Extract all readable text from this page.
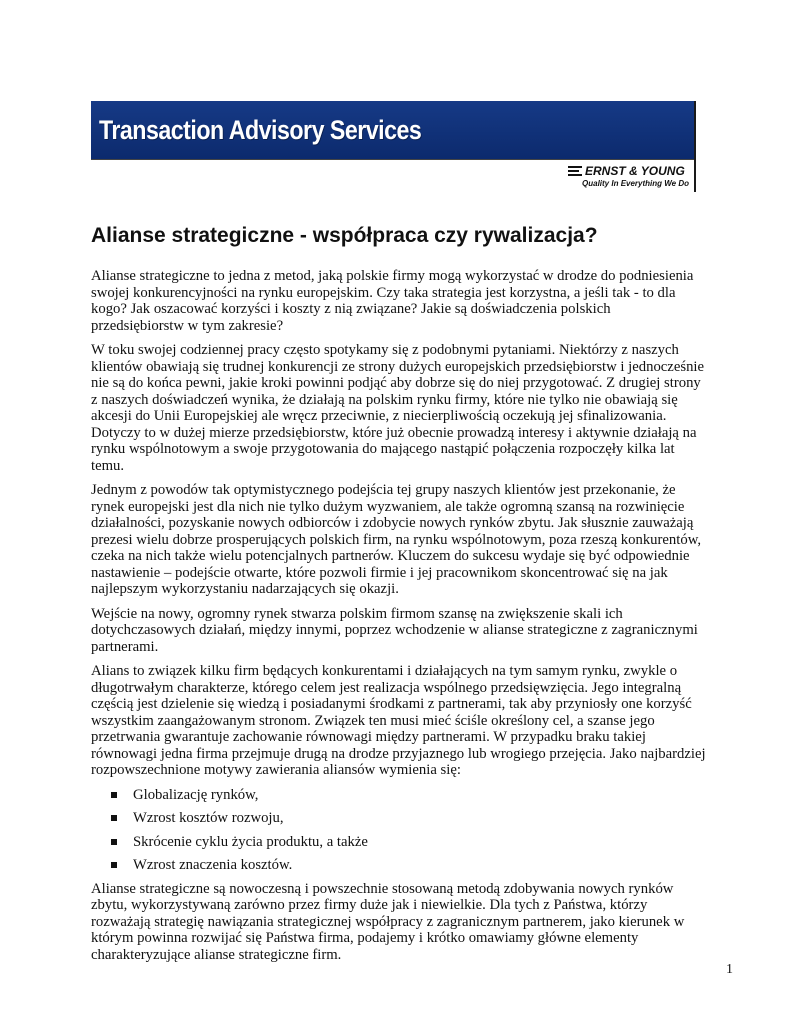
Transaction Advisory Services
ERNST & YOUNG
Quality In Everything We Do
Alianse strategiczne - współpraca czy rywalizacja?

Alianse strategiczne to jedna z metod, jaką polskie firmy mogą wykorzystać w drodze do podniesienia swojej konkurencyjności na rynku europejskim. Czy taka strategia jest korzystna, a jeśli tak - to dla kogo? Jak oszacować korzyści i koszty z nią związane? Jakie są doświadczenia polskich przedsiębiorstw w tym zakresie?

W toku swojej codziennej pracy często spotykamy się z podobnymi pytaniami. Niektórzy z naszych klientów obawiają się trudnej konkurencji ze strony dużych europejskich przedsiębiorstw i jednocześnie nie są do końca pewni, jakie kroki powinni podjąć aby dobrze się do niej przygotować. Z drugiej strony z naszych doświadczeń wynika, że działają na polskim rynku firmy, które nie tylko nie obawiają się akcesji do Unii Europejskiej ale wręcz przeciwnie, z niecierpliwością oczekują jej sfinalizowania. Dotyczy to w dużej mierze przedsiębiorstw, które już obecnie prowadzą interesy i aktywnie działają na rynku wspólnotowym a swoje przygotowania do mającego nastąpić połączenia rozpoczęły kilka lat temu.

Jednym z powodów tak optymistycznego podejścia tej grupy naszych klientów jest przekonanie, że rynek europejski jest dla nich nie tylko dużym wyzwaniem, ale także ogromną szansą na rozwinięcie działalności, pozyskanie nowych odbiorców i zdobycie nowych rynków zbytu. Jak słusznie zauważają prezesi wielu dobrze prosperujących polskich firm, na rynku wspólnotowym, poza rzeszą konkurentów, czeka na nich także wielu potencjalnych partnerów. Kluczem do sukcesu wydaje się być odpowiednie nastawienie – podejście otwarte, które pozwoli firmie i jej pracownikom skoncentrować się na jak najlepszym wykorzystaniu nadarzających się okazji.

Wejście na nowy, ogromny rynek stwarza polskim firmom szansę na zwiększenie skali ich dotychczasowych działań, między innymi, poprzez wchodzenie w alianse strategiczne z zagranicznymi partnerami.

Alians to związek kilku firm będących konkurentami i działających na tym samym rynku, zwykle o długotrwałym charakterze, którego celem jest realizacja wspólnego przedsięwzięcia. Jego integralną częścią jest dzielenie się wiedzą i posiadanymi środkami z partnerami, tak aby przyniosły one korzyść wszystkim zaangażowanym stronom. Związek ten musi mieć ściśle określony cel, a szanse jego przetrwania gwarantuje zachowanie równowagi między partnerami. W przypadku braku takiej równowagi jedna firma przejmuje drugą na drodze przyjaznego lub wrogiego przejęcia. Jako najbardziej rozpowszechnione motywy zawierania aliansów wymienia się:

Globalizację rynków,
Wzrost kosztów rozwoju,
Skrócenie cyklu życia produktu, a także
Wzrost znaczenia kosztów.

Alianse strategiczne są nowoczesną i powszechnie stosowaną metodą zdobywania nowych rynków zbytu, wykorzystywaną zarówno przez firmy duże jak i niewielkie. Dla tych z Państwa, którzy rozważają strategię nawiązania strategicznej współpracy z zagranicznym partnerem, jako kierunek w którym powinna rozwijać się Państwa firma, podajemy i krótko omawiamy główne elementy charakteryzujące alianse strategiczne firm.

1
